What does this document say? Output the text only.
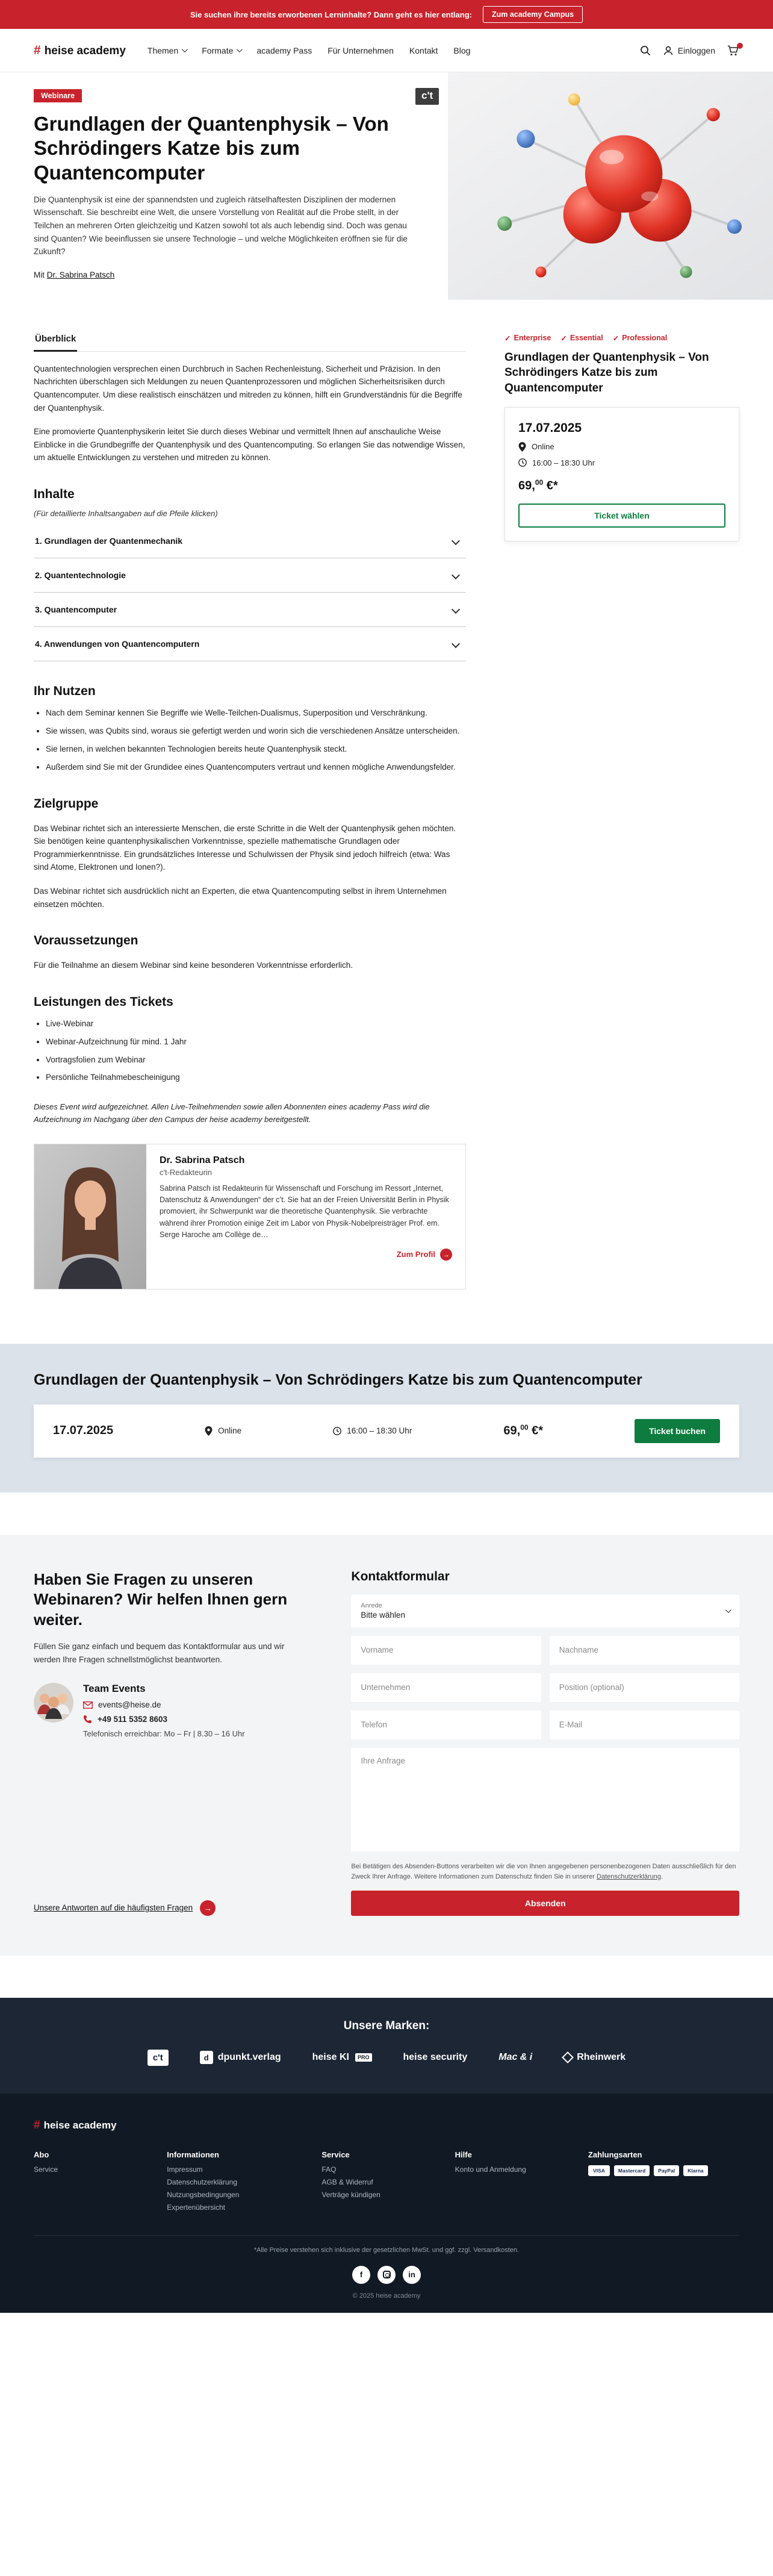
Sie suchen ihre bereits erworbenen Lerninhalte? Dann geht es hier entlang:	Zum academy Campus
# heise academy	Themen	Formate	academy Pass Für Unternehmen Kontakt Blog	Einloggen
Webinare
Grundlagen der Quantenphysik – Von Schrödingers Katze bis zum Quantencomputer

Die Quantenphysik ist eine der spannendsten und zugleich rätselhaftesten Disziplinen der modernen Wissenschaft. Sie beschreibt eine Welt, die unsere Vorstellung von Realität auf die Probe stellt, in der Teilchen an mehreren Orten gleichzeitig und Katzen sowohl tot als auch lebendig sind. Doch was genau sind Quanten? Wie beeinflussen sie unsere Technologie – und welche Möglichkeiten eröffnen sie für die Zukunft?

Mit Dr. Sabrina Patsch

c't
Überblick

Quantentechnologien versprechen einen Durchbruch in Sachen Rechenleistung, Sicherheit und Präzision. In den Nachrichten überschlagen sich Meldungen zu neuen Quantenprozessoren und möglichen Sicherheitsrisiken durch Quantencomputer. Um diese realistisch einschätzen und mitreden zu können, hilft ein Grundverständnis für die Begriffe der Quantenphysik.

Eine promovierte Quantenphysikerin leitet Sie durch dieses Webinar und vermittelt Ihnen auf anschauliche Weise Einblicke in die Grundbegriffe der Quantenphysik und des Quantencomputing. So erlangen Sie das notwendige Wissen, um aktuelle Entwicklungen zu verstehen und mitreden zu können.

Inhalte

(Für detaillierte Inhaltsangaben auf die Pfeile klicken)

1. Grundlagen der Quantenmechanik
2. Quantentechnologie
3. Quantencomputer
4. Anwendungen von Quantencomputern
Ihr Nutzen
• Nach dem Seminar kennen Sie Begriffe wie Welle-Teilchen-Dualismus, Superposition und Verschränkung.
• Sie wissen, was Qubits sind, woraus sie gefertigt werden und worin sich die verschiedenen Ansätze unterscheiden.
• Sie lernen, in welchen bekannten Technologien bereits heute Quantenphysik steckt.
• Außerdem sind Sie mit der Grundidee eines Quantencomputers vertraut und kennen mögliche Anwendungsfelder.
Zielgruppe

Das Webinar richtet sich an interessierte Menschen, die erste Schritte in die Welt der Quantenphysik gehen möchten. Sie benötigen keine quantenphysikalischen Vorkenntnisse, spezielle mathematische Grundlagen oder Programmierkenntnisse. Ein grundsätzliches Interesse und Schulwissen der Physik sind jedoch hilfreich (etwa: Was sind Atome, Elektronen und Ionen?).

Das Webinar richtet sich ausdrücklich nicht an Experten, die etwa Quantencomputing selbst in ihrem Unternehmen einsetzen möchten.

Voraussetzungen

Für die Teilnahme an diesem Webinar sind keine besonderen Vorkenntnisse erforderlich.

Leistungen des Tickets
• Live-Webinar
• Webinar-Aufzeichnung für mind. 1 Jahr
• Vortragsfolien zum Webinar
• Persönliche Teilnahmebescheinigung

Dieses Event wird aufgezeichnet. Allen Live-Teilnehmenden sowie allen Abonnenten eines academy Pass wird die Aufzeichnung im Nachgang über den Campus der heise academy bereitgestellt.

Dr. Sabrina Patsch
c't-Redakteurin
Sabrina Patsch ist Redakteurin für Wissenschaft und Forschung im Ressort „Internet, Datenschutz & Anwendungen“ der c’t. Sie hat an der Freien Universität Berlin in Physik promoviert, ihr Schwerpunkt war die theoretische Quantenphysik. Sie verbrachte während ihrer Promotion einige Zeit im Labor von Physik-Nobelpreisträger Prof. em. Serge Haroche am Collège de…
Zum Profil	→
✓ Enterprise ✓ Essential ✓ Professional
Grundlagen der Quantenphysik – Von Schrödingers Katze bis zum Quantencomputer
17.07.2025
Online
16:00 – 18:30 Uhr
69,00 €*
Ticket wählen
Grundlagen der Quantenphysik – Von Schrödingers Katze bis zum Quantencomputer
17.07.2025	Online	16:00 – 18:30 Uhr	69,00 €*	Ticket buchen
Haben Sie Fragen zu unseren Webinaren? Wir helfen Ihnen gern weiter.

Füllen Sie ganz einfach und bequem das Kontaktformular aus und wir werden Ihre Fragen schnellstmöglichst beantworten.

Team Events
events@heise.de
+49 511 5352 8603
Telefonisch erreichbar: Mo – Fr | 8.30 – 16 Uhr
Unsere Antworten auf die häufigsten Fragen	→
Kontaktformular
Anrede
Bitte wählen
Vorname
Nachname
Unternehmen
Position (optional)
Telefon
E-Mail
Ihre Anfrage

Bei Betätigen des Absenden-Buttons verarbeiten wir die von Ihnen angegebenen personenbezogenen Daten ausschließlich für den Zweck Ihrer Anfrage. Weitere Informationen zum Datenschutz finden Sie in unserer Datenschutzerklärung.

Absenden
Unsere Marken:
c't	d dpunkt.verlag	heise KI	PRO	heise security	Mac & i	Rheinwerk
# heise academy
Abo
Service
Informationen
Impressum
Datenschutzerklärung
Nutzungsbedingungen
Expertenübersicht
Service
FAQ
AGB & Widerruf
Verträge kündigen
Hilfe
Konto und Anmeldung
Zahlungsarten
VISA	Mastercard	PayPal	Klarna

*Alle Preise verstehen sich inklusive der gesetzlichen MwSt. und ggf. zzgl. Versandkosten.

f	in

© 2025 heise academy
